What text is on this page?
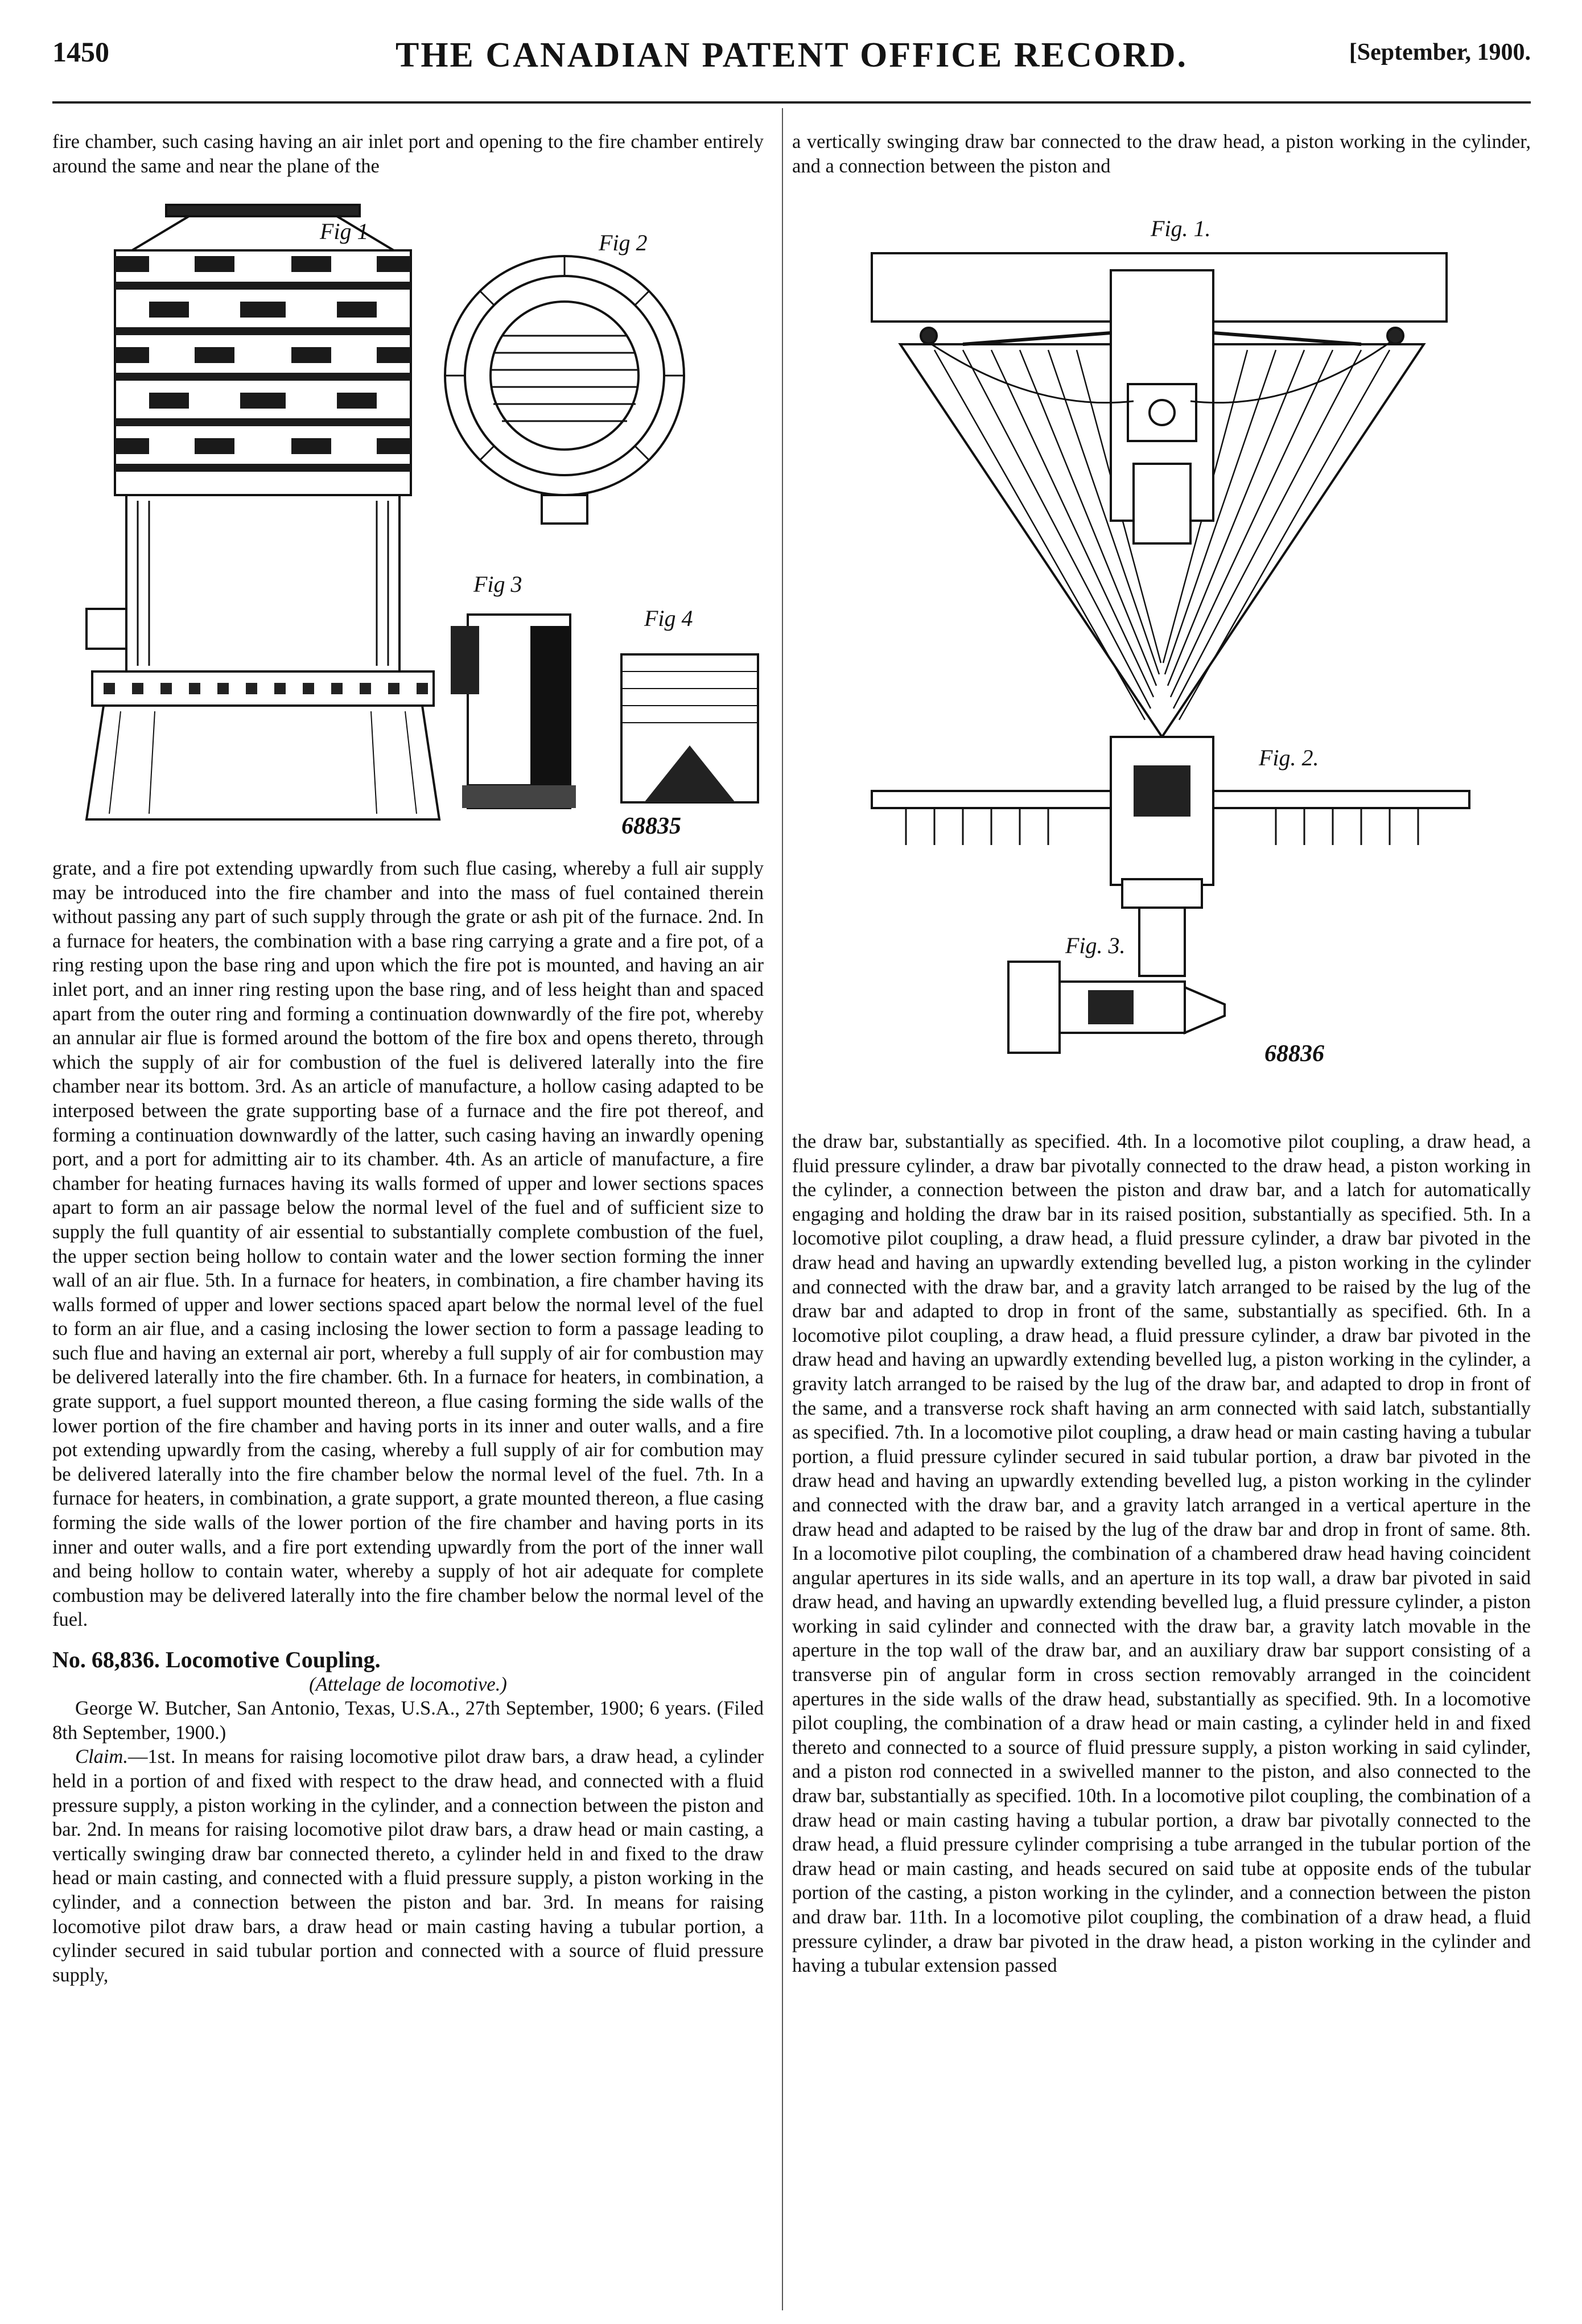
1450	THE CANADIAN PATENT OFFICE RECORD.	[September, 1900.

fire chamber, such casing having an air inlet port and opening to the fire chamber entirely around the same and near the plane of the

Fig 1	Fig 2
Fig 3
Fig 4
68835

grate, and a fire pot extending upwardly from such flue casing, whereby a full air supply may be introduced into the fire chamber and into the mass of fuel contained therein without passing any part of such supply through the grate or ash pit of the furnace. 2nd. In a furnace for heaters, the combination with a base ring carrying a grate and a fire pot, of a ring resting upon the base ring and upon which the fire pot is mounted, and having an air inlet port, and an inner ring resting upon the base ring, and of less height than and spaced apart from the outer ring and forming a continuation downwardly of the fire pot, whereby an annular air flue is formed around the bottom of the fire box and opens thereto, through which the supply of air for combustion of the fuel is delivered laterally into the fire chamber near its bottom. 3rd. As an article of manufacture, a hollow casing adapted to be interposed between the grate supporting base of a furnace and the fire pot thereof, and forming a continuation downwardly of the latter, such casing having an inwardly opening port, and a port for admitting air to its chamber. 4th. As an article of manufacture, a fire chamber for heating furnaces having its walls formed of upper and lower sections spaces apart to form an air passage below the normal level of the fuel and of sufficient size to supply the full quantity of air essential to substantially complete combustion of the fuel, the upper section being hollow to contain water and the lower section forming the inner wall of an air flue. 5th. In a furnace for heaters, in combination, a fire chamber having its walls formed of upper and lower sections spaced apart below the normal level of the fuel to form an air flue, and a casing inclosing the lower section to form a passage leading to such flue and having an external air port, whereby a full supply of air for combustion may be delivered laterally into the fire chamber. 6th. In a furnace for heaters, in combination, a grate support, a fuel support mounted thereon, a flue casing forming the side walls of the lower portion of the fire chamber and having ports in its inner and outer walls, and a fire pot extending upwardly from the casing, whereby a full supply of air for combution may be delivered laterally into the fire chamber below the normal level of the fuel. 7th. In a furnace for heaters, in combination, a grate support, a grate mounted thereon, a flue casing forming the side walls of the lower portion of the fire chamber and having ports in its inner and outer walls, and a fire port extending upwardly from the port of the inner wall and being hollow to contain water, whereby a supply of hot air adequate for complete combustion may be delivered laterally into the fire chamber below the normal level of the fuel.

No. 68,836. Locomotive Coupling.

(Attelage de locomotive.)

George W. Butcher, San Antonio, Texas, U.S.A., 27th September, 1900; 6 years. (Filed 8th September, 1900.)

Claim.—1st. In means for raising locomotive pilot draw bars, a draw head, a cylinder held in a portion of and fixed with respect to the draw head, and connected with a fluid pressure supply, a piston working in the cylinder, and a connection between the piston and bar. 2nd. In means for raising locomotive pilot draw bars, a draw head or main casting, a vertically swinging draw bar connected thereto, a cylinder held in and fixed to the draw head or main casting, and connected with a fluid pressure supply, a piston working in the cylinder, and a connection between the piston and bar. 3rd. In means for raising locomotive pilot draw bars, a draw head or main casting having a tubular portion, a cylinder secured in said tubular portion and connected with a source of fluid pressure supply,

a vertically swinging draw bar connected to the draw head, a piston working in the cylinder, and a connection between the piston and

Fig. 1.
Fig. 2.
Fig. 3.
68836

the draw bar, substantially as specified. 4th. In a locomotive pilot coupling, a draw head, a fluid pressure cylinder, a draw bar pivotally connected to the draw head, a piston working in the cylinder, a connection between the piston and draw bar, and a latch for automatically engaging and holding the draw bar in its raised position, substantially as specified. 5th. In a locomotive pilot coupling, a draw head, a fluid pressure cylinder, a draw bar pivoted in the draw head and having an upwardly extending bevelled lug, a piston working in the cylinder and connected with the draw bar, and a gravity latch arranged to be raised by the lug of the draw bar and adapted to drop in front of the same, substantially as specified. 6th. In a locomotive pilot coupling, a draw head, a fluid pressure cylinder, a draw bar pivoted in the draw head and having an upwardly extending bevelled lug, a piston working in the cylinder, a gravity latch arranged to be raised by the lug of the draw bar, and adapted to drop in front of the same, and a transverse rock shaft having an arm connected with said latch, substantially as specified. 7th. In a locomotive pilot coupling, a draw head or main casting having a tubular portion, a fluid pressure cylinder secured in said tubular portion, a draw bar pivoted in the draw head and having an upwardly extending bevelled lug, a piston working in the cylinder and connected with the draw bar, and a gravity latch arranged in a vertical aperture in the draw head and adapted to be raised by the lug of the draw bar and drop in front of same. 8th. In a locomotive pilot coupling, the combination of a chambered draw head having coincident angular apertures in its side walls, and an aperture in its top wall, a draw bar pivoted in said draw head, and having an upwardly extending bevelled lug, a fluid pressure cylinder, a piston working in said cylinder and connected with the draw bar, a gravity latch movable in the aperture in the top wall of the draw bar, and an auxiliary draw bar support consisting of a transverse pin of angular form in cross section removably arranged in the coincident apertures in the side walls of the draw head, substantially as specified. 9th. In a locomotive pilot coupling, the combination of a draw head or main casting, a cylinder held in and fixed thereto and connected to a source of fluid pressure supply, a piston working in said cylinder, and a piston rod connected in a swivelled manner to the piston, and also connected to the draw bar, substantially as specified. 10th. In a locomotive pilot coupling, the combination of a draw head or main casting having a tubular portion, a draw bar pivotally connected to the draw head, a fluid pressure cylinder comprising a tube arranged in the tubular portion of the draw head or main casting, and heads secured on said tube at opposite ends of the tubular portion of the casting, a piston working in the cylinder, and a connection between the piston and draw bar. 11th. In a locomotive pilot coupling, the combination of a draw head, a fluid pressure cylinder, a draw bar pivoted in the draw head, a piston working in the cylinder and having a tubular extension passed
